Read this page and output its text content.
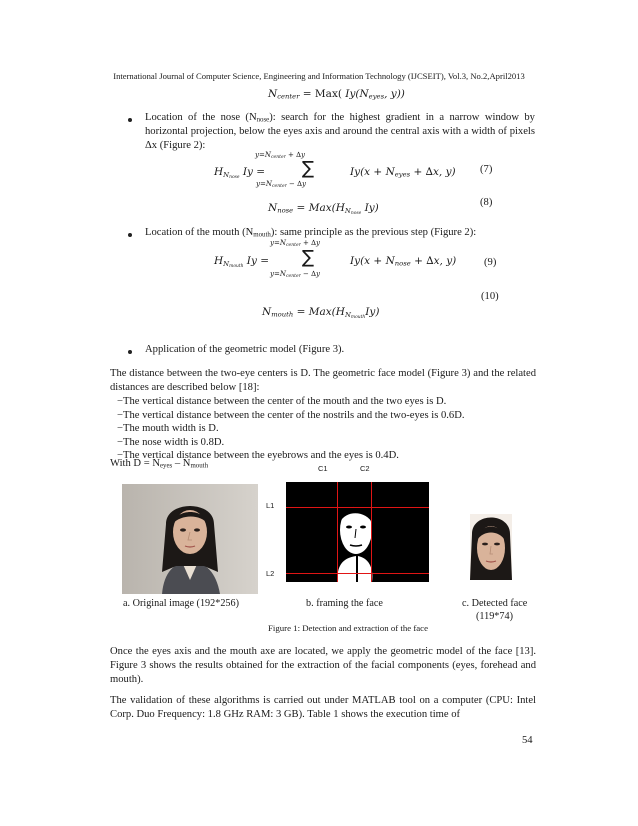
International Journal of Computer Science, Engineering and Information Technology (IJCSEIT), Vol.3, No.2,April2013
$N_{center} = Max$( $Iy(N_{eyes}$, y))
Location of the nose $(N_{nose})$: search for the highest gradient in a narrow window by horizontal projection, below the eyes axis and around the central axis with a width of pixels Δx (Figure 2):
$y=N_{center} + \Delta y$
$H_{N_{nose}}$ Iy = ∑	$Iy(x + N_{eyes} + \Delta x$, y)
$y=N_{center} - \Delta y$
(7)
$N_{nose} = Max(H_{N_{nose}}$ Iy)	(8)
Location of the mouth $(N_{mouth})$: same principle as the previous step (Figure 2):
$y=N_{center} + \Delta y$
$H_{N_{mouth}}$ Iy = ∑	$Iy(x + N_{nose} + \Delta x$, y)
$y=N_{center} - \Delta y$
(9)
(10)
$N_{mouth} = Max(H_{N_{mouth}}Iy)$
Application of the geometric model (Figure 3).
The distance between the two-eye centers is D. The geometric face model (Figure 3) and the related distances are described below [18]:
−The vertical distance between the center of the mouth and the two eyes is D.
−The vertical distance between the center of the nostrils and the two-eyes is 0.6D.
−The mouth width is D.
−The nose width is 0.8D.
−The vertical distance between the eyebrows and the eyes is 0.4D.
With $D = N_{eyes} - N_{mouth}$	C1	C2
L1
L2
a. Original image (192*256)	b. framing the face	c. Detected face
(119*74)
Figure 1: Detection and extraction of the face
Once the eyes axis and the mouth axe are located, we apply the geometric model of the face [13]. Figure 3 shows the results obtained for the extraction of the facial components (eyes, forehead and mouth).
The validation of these algorithms is carried out under MATLAB tool on a computer (CPU: Intel Corp. Duo Frequency: 1.8 GHz RAM: 3 GB). Table 1 shows the execution time of
54
